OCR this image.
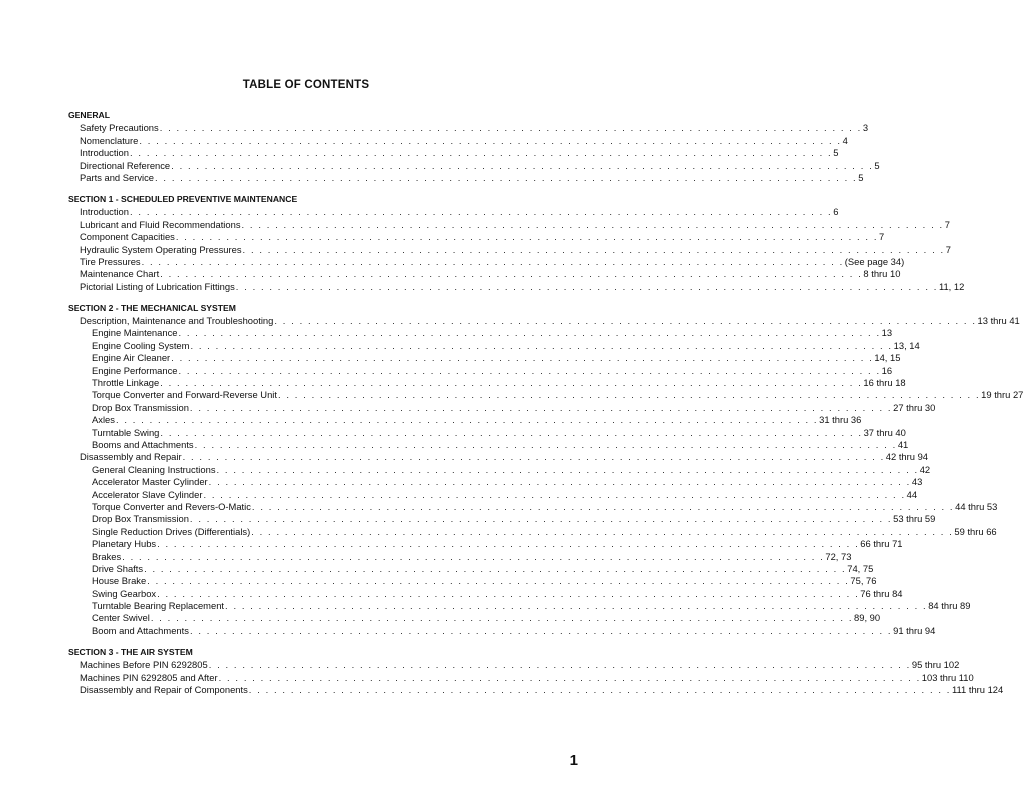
TABLE OF CONTENTS
GENERAL
Safety Precautions . . . . . . . . . . . . . . . . . . . . . . . . . . . . . . . . . . . . . . . . . . . . . . . . . . . . . . . . . . . . . . . . . . . . . . . . . . . . . . . . . . . . 3
Nomenclature . . . . . . . . . . . . . . . . . . . . . . . . . . . . . . . . . . . . . . . . . . . . . . . . . . . . . . . . . . . . . . . . . . . . . . . . . . . . . . . . . . . . 4
Introduction . . . . . . . . . . . . . . . . . . . . . . . . . . . . . . . . . . . . . . . . . . . . . . . . . . . . . . . . . . . . . . . . . . . . . . . . . . . . . . . . . . . . 5
Directional Reference . . . . . . . . . . . . . . . . . . . . . . . . . . . . . . . . . . . . . . . . . . . . . . . . . . . . . . . . . . . . . . . . . . . . . . . . . . . . . . . . . . . . 5
Parts and Service . . . . . . . . . . . . . . . . . . . . . . . . . . . . . . . . . . . . . . . . . . . . . . . . . . . . . . . . . . . . . . . . . . . . . . . . . . . . . . . . . . . . 5
SECTION 1 - SCHEDULED PREVENTIVE MAINTENANCE
Introduction . . . . . . . . . . . . . . . . . . . . . . . . . . . . . . . . . . . . . . . . . . . . . . . . . . . . . . . . . . . . . . . . . . . . . . . . . . . . . . . . . . . . 6
Lubricant and Fluid Recommendations . . . . . . . . . . . . . . . . . . . . . . . . . . . . . . . . . . . . . . . . . . . . . . . . . . . . . . . . . . . . . . . . . . . . . . . . . . . . . . . . . . . . 7
Component Capacities . . . . . . . . . . . . . . . . . . . . . . . . . . . . . . . . . . . . . . . . . . . . . . . . . . . . . . . . . . . . . . . . . . . . . . . . . . . . . . . . . . . . 7
Hydraulic System Operating Pressures . . . . . . . . . . . . . . . . . . . . . . . . . . . . . . . . . . . . . . . . . . . . . . . . . . . . . . . . . . . . . . . . . . . . . . . . . . . . . . . . . . . . 7
Tire Pressures . . . . . . . . . . . . . . . . . . . . . . . . . . . . . . . . . . . . . . . . . . . . . . . . . . . . . . . . . . . . . . . . . . . . . . . . . . . . . . . . . . . . (See page 34)
Maintenance Chart . . . . . . . . . . . . . . . . . . . . . . . . . . . . . . . . . . . . . . . . . . . . . . . . . . . . . . . . . . . . . . . . . . . . . . . . . . . . . . . . . . . . 8 thru 10
Pictorial Listing of Lubrication Fittings . . . . . . . . . . . . . . . . . . . . . . . . . . . . . . . . . . . . . . . . . . . . . . . . . . . . . . . . . . . . . . . . . . . . . . . . . . . . . . . . . . . . 11, 12
SECTION 2 - THE MECHANICAL SYSTEM
Description, Maintenance and Troubleshooting . . . . . . . . . . . . . . . . . . . . . . . . . . . . . . . . . . . . . . . . . . . . . . . . . . . . . . . . . . . . . . . . . . . . . . . . . . . . . . . . . . . . 13 thru 41
Engine Maintenance . . . . . . . . . . . . . . . . . . . . . . . . . . . . . . . . . . . . . . . . . . . . . . . . . . . . . . . . . . . . . . . . . . . . . . . . . . . . . . . . . . . . 13
Engine Cooling System . . . . . . . . . . . . . . . . . . . . . . . . . . . . . . . . . . . . . . . . . . . . . . . . . . . . . . . . . . . . . . . . . . . . . . . . . . . . . . . . . . . . 13, 14
Engine Air Cleaner . . . . . . . . . . . . . . . . . . . . . . . . . . . . . . . . . . . . . . . . . . . . . . . . . . . . . . . . . . . . . . . . . . . . . . . . . . . . . . . . . . . . 14, 15
Engine Performance . . . . . . . . . . . . . . . . . . . . . . . . . . . . . . . . . . . . . . . . . . . . . . . . . . . . . . . . . . . . . . . . . . . . . . . . . . . . . . . . . . . . 16
Throttle Linkage . . . . . . . . . . . . . . . . . . . . . . . . . . . . . . . . . . . . . . . . . . . . . . . . . . . . . . . . . . . . . . . . . . . . . . . . . . . . . . . . . . . . 16 thru 18
Torque Converter and Forward-Reverse Unit . . . . . . . . . . . . . . . . . . . . . . . . . . . . . . . . . . . . . . . . . . . . . . . . . . . . . . . . . . . . . . . . . . . . . . . . . . . . . . . . . . . . 19 thru 27
Drop Box Transmission . . . . . . . . . . . . . . . . . . . . . . . . . . . . . . . . . . . . . . . . . . . . . . . . . . . . . . . . . . . . . . . . . . . . . . . . . . . . . . . . . . . . 27 thru 30
Axles . . . . . . . . . . . . . . . . . . . . . . . . . . . . . . . . . . . . . . . . . . . . . . . . . . . . . . . . . . . . . . . . . . . . . . . . . . . . . . . . . . . . 31 thru 36
Turntable Swing . . . . . . . . . . . . . . . . . . . . . . . . . . . . . . . . . . . . . . . . . . . . . . . . . . . . . . . . . . . . . . . . . . . . . . . . . . . . . . . . . . . . 37 thru 40
Booms and Attachments . . . . . . . . . . . . . . . . . . . . . . . . . . . . . . . . . . . . . . . . . . . . . . . . . . . . . . . . . . . . . . . . . . . . . . . . . . . . . . . . . . . . 41
Disassembly and Repair . . . . . . . . . . . . . . . . . . . . . . . . . . . . . . . . . . . . . . . . . . . . . . . . . . . . . . . . . . . . . . . . . . . . . . . . . . . . . . . . . . . . 42 thru 94
General Cleaning Instructions . . . . . . . . . . . . . . . . . . . . . . . . . . . . . . . . . . . . . . . . . . . . . . . . . . . . . . . . . . . . . . . . . . . . . . . . . . . . . . . . . . . . 42
Accelerator Master Cylinder . . . . . . . . . . . . . . . . . . . . . . . . . . . . . . . . . . . . . . . . . . . . . . . . . . . . . . . . . . . . . . . . . . . . . . . . . . . . . . . . . . . . 43
Accelerator Slave Cylinder . . . . . . . . . . . . . . . . . . . . . . . . . . . . . . . . . . . . . . . . . . . . . . . . . . . . . . . . . . . . . . . . . . . . . . . . . . . . . . . . . . . . 44
Torque Converter and Revers-O-Matic . . . . . . . . . . . . . . . . . . . . . . . . . . . . . . . . . . . . . . . . . . . . . . . . . . . . . . . . . . . . . . . . . . . . . . . . . . . . . . . . . . . . 44 thru 53
Drop Box Transmission . . . . . . . . . . . . . . . . . . . . . . . . . . . . . . . . . . . . . . . . . . . . . . . . . . . . . . . . . . . . . . . . . . . . . . . . . . . . . . . . . . . . 53 thru 59
Single Reduction Drives (Differentials) . . . . . . . . . . . . . . . . . . . . . . . . . . . . . . . . . . . . . . . . . . . . . . . . . . . . . . . . . . . . . . . . . . . . . . . . . . . . . . . . . . . . 59 thru 66
Planetary Hubs . . . . . . . . . . . . . . . . . . . . . . . . . . . . . . . . . . . . . . . . . . . . . . . . . . . . . . . . . . . . . . . . . . . . . . . . . . . . . . . . . . . . 66 thru 71
Brakes . . . . . . . . . . . . . . . . . . . . . . . . . . . . . . . . . . . . . . . . . . . . . . . . . . . . . . . . . . . . . . . . . . . . . . . . . . . . . . . . . . . . 72, 73
Drive Shafts . . . . . . . . . . . . . . . . . . . . . . . . . . . . . . . . . . . . . . . . . . . . . . . . . . . . . . . . . . . . . . . . . . . . . . . . . . . . . . . . . . . . 74, 75
House Brake . . . . . . . . . . . . . . . . . . . . . . . . . . . . . . . . . . . . . . . . . . . . . . . . . . . . . . . . . . . . . . . . . . . . . . . . . . . . . . . . . . . . 75, 76
Swing Gearbox . . . . . . . . . . . . . . . . . . . . . . . . . . . . . . . . . . . . . . . . . . . . . . . . . . . . . . . . . . . . . . . . . . . . . . . . . . . . . . . . . . . . 76 thru 84
Turntable Bearing Replacement . . . . . . . . . . . . . . . . . . . . . . . . . . . . . . . . . . . . . . . . . . . . . . . . . . . . . . . . . . . . . . . . . . . . . . . . . . . . . . . . . . . . 84 thru 89
Center Swivel . . . . . . . . . . . . . . . . . . . . . . . . . . . . . . . . . . . . . . . . . . . . . . . . . . . . . . . . . . . . . . . . . . . . . . . . . . . . . . . . . . . . 89, 90
Boom and Attachments . . . . . . . . . . . . . . . . . . . . . . . . . . . . . . . . . . . . . . . . . . . . . . . . . . . . . . . . . . . . . . . . . . . . . . . . . . . . . . . . . . . . 91 thru 94
SECTION 3 - THE AIR SYSTEM
Machines Before PIN 6292805 . . . . . . . . . . . . . . . . . . . . . . . . . . . . . . . . . . . . . . . . . . . . . . . . . . . . . . . . . . . . . . . . . . . . . . . . . . . . . . . . . . . . 95 thru 102
Machines PIN 6292805 and After . . . . . . . . . . . . . . . . . . . . . . . . . . . . . . . . . . . . . . . . . . . . . . . . . . . . . . . . . . . . . . . . . . . . . . . . . . . . . . . . . . . . 103 thru 110
Disassembly and Repair of Components . . . . . . . . . . . . . . . . . . . . . . . . . . . . . . . . . . . . . . . . . . . . . . . . . . . . . . . . . . . . . . . . . . . . . . . . . . . . . . . . . . . . 111 thru 124
1
